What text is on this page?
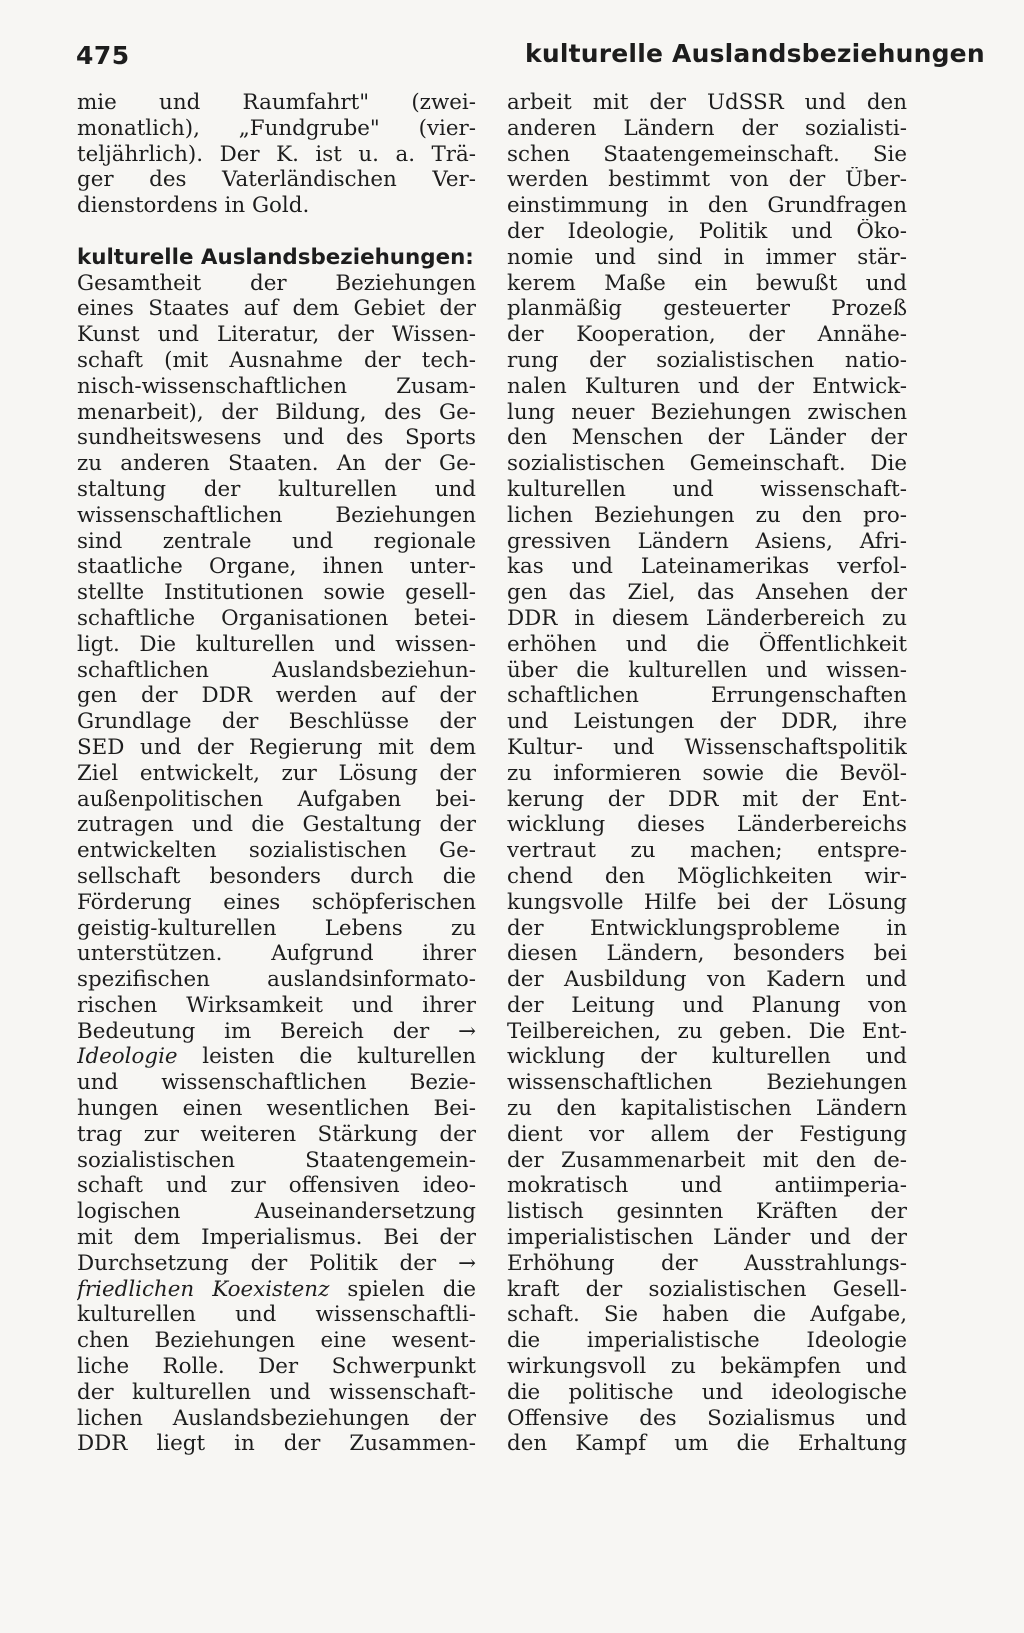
475	kulturelle Auslandsbeziehungen
mie und Raumfahrt" (zwei-
monatlich), „Fundgrube" (vier-
teljährlich). Der K. ist u. a. Trä-
ger des Vaterländischen Ver-
dienstordens in Gold.
kulturelle Auslandsbeziehungen:
Gesamtheit der Beziehungen
eines Staates auf dem Gebiet der
Kunst und Literatur, der Wissen-
schaft (mit Ausnahme der tech-
nisch-wissenschaftlichen Zusam-
menarbeit), der Bildung, des Ge-
sundheitswesens und des Sports
zu anderen Staaten. An der Ge-
staltung der kulturellen und
wissenschaftlichen Beziehungen
sind zentrale und regionale
staatliche Organe, ihnen unter-
stellte Institutionen sowie gesell-
schaftliche Organisationen betei-
ligt. Die kulturellen und wissen-
schaftlichen Auslandsbeziehun-
gen der DDR werden auf der
Grundlage der Beschlüsse der
SED und der Regierung mit dem
Ziel entwickelt, zur Lösung der
außenpolitischen Aufgaben bei-
zutragen und die Gestaltung der
entwickelten sozialistischen Ge-
sellschaft besonders durch die
Förderung eines schöpferischen
geistig-kulturellen Lebens zu
unterstützen. Aufgrund ihrer
spezifischen auslandsinformato-
rischen Wirksamkeit und ihrer
Bedeutung im Bereich der →
Ideologie leisten die kulturellen
und wissenschaftlichen Bezie-
hungen einen wesentlichen Bei-
trag zur weiteren Stärkung der
sozialistischen Staatengemein-
schaft und zur offensiven ideo-
logischen Auseinandersetzung
mit dem Imperialismus. Bei der
Durchsetzung der Politik der →
friedlichen Koexistenz spielen die
kulturellen und wissenschaftli-
chen Beziehungen eine wesent-
liche Rolle. Der Schwerpunkt
der kulturellen und wissenschaft-
lichen Auslandsbeziehungen der
DDR liegt in der Zusammen-
arbeit mit der UdSSR und den
anderen Ländern der sozialisti-
schen Staatengemeinschaft. Sie
werden bestimmt von der Über-
einstimmung in den Grundfragen
der Ideologie, Politik und Öko-
nomie und sind in immer stär-
kerem Maße ein bewußt und
planmäßig gesteuerter Prozeß
der Kooperation, der Annähe-
rung der sozialistischen natio-
nalen Kulturen und der Entwick-
lung neuer Beziehungen zwischen
den Menschen der Länder der
sozialistischen Gemeinschaft. Die
kulturellen und wissenschaft-
lichen Beziehungen zu den pro-
gressiven Ländern Asiens, Afri-
kas und Lateinamerikas verfol-
gen das Ziel, das Ansehen der
DDR in diesem Länderbereich zu
erhöhen und die Öffentlichkeit
über die kulturellen und wissen-
schaftlichen Errungenschaften
und Leistungen der DDR, ihre
Kultur- und Wissenschaftspolitik
zu informieren sowie die Bevöl-
kerung der DDR mit der Ent-
wicklung dieses Länderbereichs
vertraut zu machen; entspre-
chend den Möglichkeiten wir-
kungsvolle Hilfe bei der Lösung
der Entwicklungsprobleme in
diesen Ländern, besonders bei
der Ausbildung von Kadern und
der Leitung und Planung von
Teilbereichen, zu geben. Die Ent-
wicklung der kulturellen und
wissenschaftlichen Beziehungen
zu den kapitalistischen Ländern
dient vor allem der Festigung
der Zusammenarbeit mit den de-
mokratisch und antiimperia-
listisch gesinnten Kräften der
imperialistischen Länder und der
Erhöhung der Ausstrahlungs-
kraft der sozialistischen Gesell-
schaft. Sie haben die Aufgabe,
die imperialistische Ideologie
wirkungsvoll zu bekämpfen und
die politische und ideologische
Offensive des Sozialismus und
den Kampf um die Erhaltung
